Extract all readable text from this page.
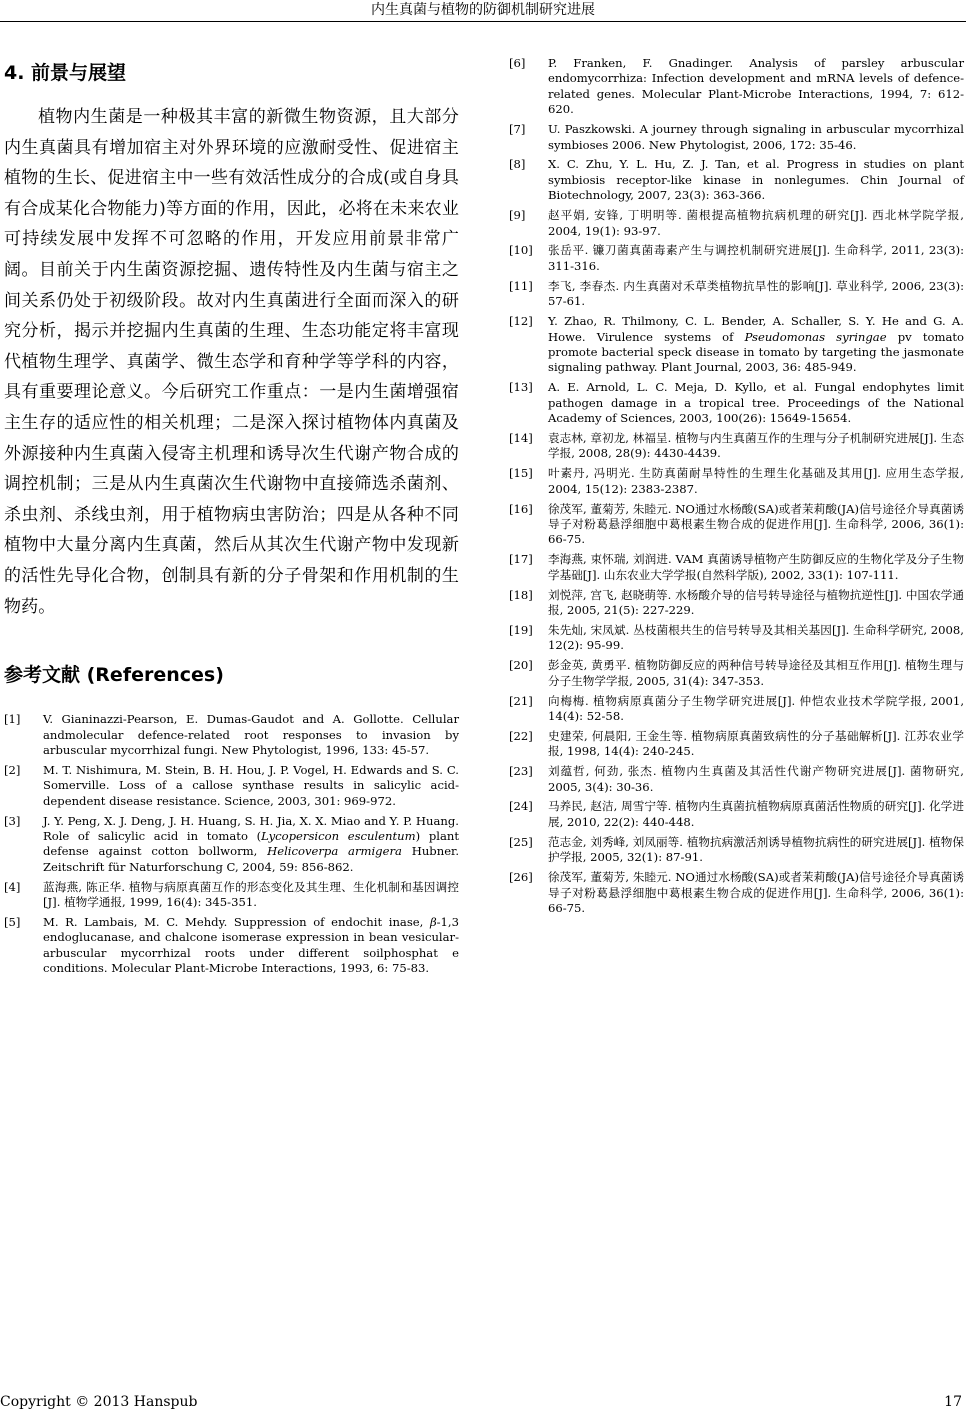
内生真菌与植物的防御机制研究进展
4. 前景与展望

植物内生菌是一种极其丰富的新微生物资源，且大部分内生真菌具有增加宿主对外界环境的应激耐受性、促进宿主植物的生长、促进宿主中一些有效活性成分的合成(或自身具有合成某化合物能力)等方面的作用，因此，必将在未来农业可持续发展中发挥不可忽略的作用，开发应用前景非常广阔。目前关于内生菌资源挖掘、遗传特性及内生菌与宿主之间关系仍处于初级阶段。故对内生真菌进行全面而深入的研究分析，揭示并挖掘内生真菌的生理、生态功能定将丰富现代植物生理学、真菌学、微生态学和育种学等学科的内容，具有重要理论意义。今后研究工作重点：一是内生菌增强宿主生存的适应性的相关机理；二是深入探讨植物体内真菌及外源接种内生真菌入侵寄主机理和诱导次生代谢产物合成的调控机制；三是从内生真菌次生代谢物中直接筛选杀菌剂、杀虫剂、杀线虫剂，用于植物病虫害防治；四是从各种不同植物中大量分离内生真菌，然后从其次生代谢产物中发现新的活性先导化合物，创制具有新的分子骨架和作用机制的生物药。

参考文献 (References)
[1] V. Gianinazzi-Pearson, E. Dumas-Gaudot and A. Gollotte. Cellular andmolecular defence-related root responses to invasion by arbuscular mycorrhizal fungi. New Phytologist, 1996, 133: 45-57.
[2] M. T. Nishimura, M. Stein, B. H. Hou, J. P. Vogel, H. Edwards and S. C. Somerville. Loss of a callose synthase results in salicylic acid-dependent disease resistance. Science, 2003, 301: 969-972.
[3] J. Y. Peng, X. J. Deng, J. H. Huang, S. H. Jia, X. X. Miao and Y. P. Huang. Role of salicylic acid in tomato (Lycopersicon esculentum) plant defense against cotton bollworm, Helicoverpa armigera Hubner. Zeitschrift für Naturforschung C, 2004, 59: 856-862.
[4] 蓝海燕, 陈正华. 植物与病原真菌互作的形态变化及其生理、生化机制和基因调控[J]. 植物学通报, 1999, 16(4): 345-351.
[5] M. R. Lambais, M. C. Mehdy. Suppression of endochit inase, β-1,3 endoglucanase, and chalcone isomerase expression in bean vesicular-arbuscular mycorrhizal roots under different soilphosphat e conditions. Molecular Plant-Microbe Interactions, 1993, 6: 75-83.
[6] P. Franken, F. Gnadinger. Analysis of parsley arbuscular endomycorrhiza: Infection development and mRNA levels of defence-related genes. Molecular Plant-Microbe Interactions, 1994, 7: 612-620.
[7] U. Paszkowski. A journey through signaling in arbuscular mycorrhizal symbioses 2006. New Phytologist, 2006, 172: 35-46.
[8] X. C. Zhu, Y. L. Hu, Z. J. Tan, et al. Progress in studies on plant symbiosis receptor-like kinase in nonlegumes. Chin Journal of Biotechnology, 2007, 23(3): 363-366.
[9] 赵平娟, 安锋, 丁明明等. 菌根提高植物抗病机理的研究[J]. 西北林学院学报, 2004, 19(1): 93-97.
[10] 张岳平. 镰刀菌真菌毒素产生与调控机制研究进展[J]. 生命科学, 2011, 23(3): 311-316.
[11] 李飞, 李春杰. 内生真菌对禾草类植物抗旱性的影响[J]. 草业科学, 2006, 23(3): 57-61.
[12] Y. Zhao, R. Thilmony, C. L. Bender, A. Schaller, S. Y. He and G. A. Howe. Virulence systems of Pseudomonas syringae pv tomato promote bacterial speck disease in tomato by targeting the jasmonate signaling pathway. Plant Journal, 2003, 36: 485-949.
[13] A. E. Arnold, L. C. Meja, D. Kyllo, et al. Fungal endophytes limit pathogen damage in a tropical tree. Proceedings of the National Academy of Sciences, 2003, 100(26): 15649-15654.
[14] 袁志林, 章初龙, 林福呈. 植物与内生真菌互作的生理与分子机制研究进展[J]. 生态学报, 2008, 28(9): 4430-4439.
[15] 叶素丹, 冯明光. 生防真菌耐旱特性的生理生化基础及其用[J]. 应用生态学报, 2004, 15(12): 2383-2387.
[16] 徐茂军, 董菊芳, 朱睦元. NO通过水杨酸(SA)或者茉莉酸(JA)信号途径介导真菌诱导子对粉葛悬浮细胞中葛根素生物合成的促进作用[J]. 生命科学, 2006, 36(1): 66-75.
[17] 李海燕, 束怀瑞, 刘润进. VAM 真菌诱导植物产生防御反应的生物化学及分子生物学基础[J]. 山东农业大学学报(自然科学版), 2002, 33(1): 107-111.
[18] 刘悦萍, 宫飞, 赵晓萌等. 水杨酸介导的信号转导途径与植物抗逆性[J]. 中国农学通报, 2005, 21(5): 227-229.
[19] 朱先灿, 宋凤斌. 丛枝菌根共生的信号转导及其相关基因[J]. 生命科学研究, 2008, 12(2): 95-99.
[20] 彭金英, 黄勇平. 植物防御反应的两种信号转导途径及其相互作用[J]. 植物生理与分子生物学学报, 2005, 31(4): 347-353.
[21] 向梅梅. 植物病原真菌分子生物学研究进展[J]. 仲恺农业技术学院学报, 2001, 14(4): 52-58.
[22] 史建荣, 何晨阳, 王金生等. 植物病原真菌致病性的分子基础解析[J]. 江苏农业学报, 1998, 14(4): 240-245.
[23] 刘蕴哲, 何劲, 张杰. 植物内生真菌及其活性代谢产物研究进展[J]. 菌物研究, 2005, 3(4): 30-36.
[24] 马养民, 赵洁, 周雪宁等. 植物内生真菌抗植物病原真菌活性物质的研究[J]. 化学进展, 2010, 22(2): 440-448.
[25] 范志金, 刘秀峰, 刘凤丽等. 植物抗病激活剂诱导植物抗病性的研究进展[J]. 植物保护学报, 2005, 32(1): 87-91.
[26] 徐茂军, 董菊芳, 朱睦元. NO通过水杨酸(SA)或者茉莉酸(JA)信号途径介导真菌诱导子对粉葛悬浮细胞中葛根素生物合成的促进作用[J]. 生命科学, 2006, 36(1): 66-75.
Copyright © 2013 Hanspub	17
